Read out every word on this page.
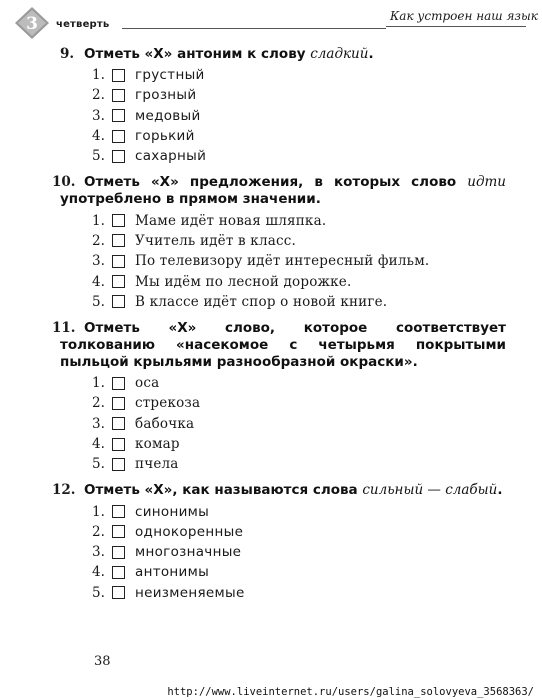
3 четверть
Как устроен наш язык
9. Отметь «X» антоним к слову сладкий.
1.	грустный
2.	грозный
3.	медовый
4.	горький
5.	сахарный
10. Отметь «X» предложения, в которых слово идти употреблено в прямом значении.
1.	Маме идёт новая шляпка.
2.	Учитель идёт в класс.
3.	По телевизору идёт интересный фильм.
4.	Мы идём по лесной дорожке.
5.	В классе идёт спор о новой книге.
11. Отметь «X» слово, которое соответствует толкованию «насекомое с четырьмя покрытыми пыльцой крыльями разнообразной окраски».
1.	оса
2.	стрекоза
3.	бабочка
4.	комар
5.	пчела
12. Отметь «X», как называются слова сильный — слабый.
1.	синонимы
2.	однокоренные
3.	многозначные
4.	антонимы
5.	неизменяемые
38
http://www.liveinternet.ru/users/galina_solovyeva_3568363/
